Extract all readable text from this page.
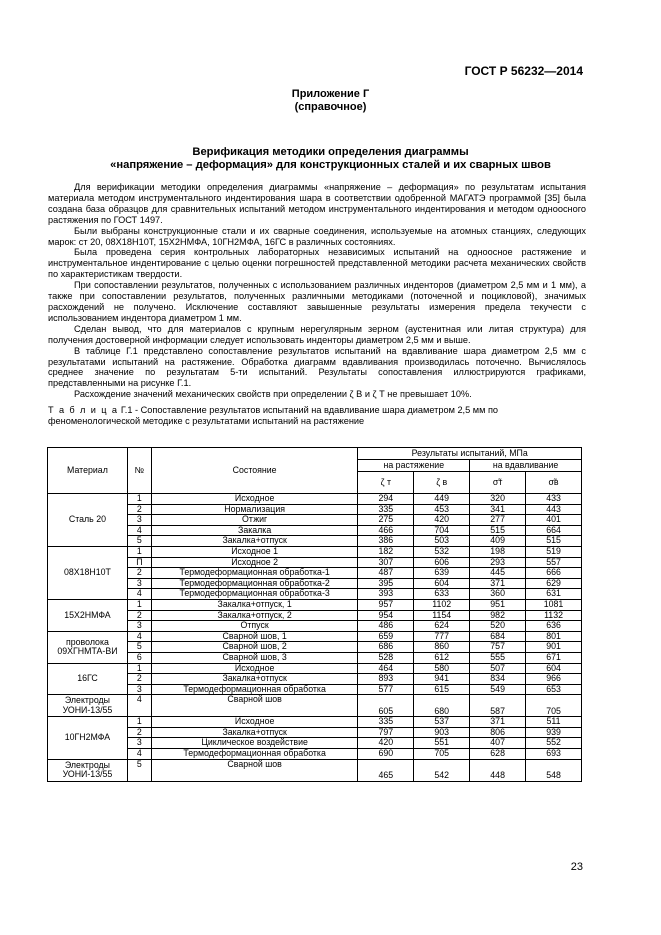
ГОСТ Р 56232—2014
Приложение Г
(справочное)
Верификация методики определения диаграммы
«напряжение – деформация» для конструкционных сталей и их сварных швов

Для верификации методики определения диаграммы «напряжение – деформация» по результатам испытания материала методом инструментального индентирования шара в соответствии одобренной МАГАТЭ программой [35] была создана база образцов для сравнительных испытаний методом инструментального индентирования и методом одноосного растяжения по ГОСТ 1497.

Были выбраны конструкционные стали и их сварные соединения, используемые на атомных станциях, следующих марок: ст 20, 08Х18Н10Т, 15Х2НМФА, 10ГН2МФА, 16ГС в различных состояниях.

Была проведена серия контрольных лабораторных независимых испытаний на одноосное растяжение и инструментальное индентирование с целью оценки погрешностей представленной методики расчета механических свойств по характеристикам твердости.

При сопоставлении результатов, полученных с использованием различных инденторов (диаметром 2,5 мм и 1 мм), а также при сопоставлении результатов, полученных различными методиками (поточечной и поцикловой), значимых расхождений не получено. Исключение составляют завышенные результаты измерения предела текучести с использованием индентора диаметром 1 мм.

Сделан вывод, что для материалов с крупным нерегулярным зерном (аустенитная или литая структура) для получения достоверной информации следует использовать инденторы диаметром 2,5 мм и выше.

В таблице Г.1 представлено сопоставление результатов испытаний на вдавливание шара диаметром 2,5 мм с результатами испытаний на растяжение. Обработка диаграмм вдавливания производилась поточечно. Вычислялось среднее значение по результатам 5-ти испытаний. Результаты сопоставления иллюстрируются графиками, представленными на рисунке Г.1.

Расхождение значений механических свойств при определении ζ В и ζ Т не превышает 10%.

Т а б л и ц а Г.1 - Сопоставление результатов испытаний на вдавливание шара диаметром 2,5 мм по феноменологической методике с результатами испытаний на растяжение
Материал	№	Состояние	Результаты испытаний, МПа			
			на растяжение		на вдавливание	
			ζ т	ζ в	σ̃т	σ̃в
Сталь 20	1	Исходное	294	449	320	433
	2	Нормализация	335	453	341	443
	3	Отжиг	275	420	277	401
	4	Закалка	466	704	515	664
	5	Закалка+отпуск	386	503	409	515
08Х18Н10Т	1	Исходное 1	182	532	198	519
	П	Исходное 2	307	606	293	557
	2	Термодеформационная обработка-1	487	639	445	666
	3	Термодеформационная обработка-2	395	604	371	629
	4	Термодеформационная обработка-3	393	633	360	631
15Х2НМФА	1	Закалка+отпуск, 1	957	1102	951	1081
	2	Закалка+отпуск, 2	954	1154	982	1132
	3	Отпуск	486	624	520	636
проволока 09ХГНМТА-ВИ	4	Сварной шов, 1	659	777	684	801
	5	Сварной шов, 2	686	860	757	901
	6	Сварной шов, 3	528	612	555	671
16ГС	1	Исходное	464	580	507	604
	2	Закалка+отпуск	893	941	834	966
	3	Термодеформационная обработка	577	615	549	653
Электроды УОНИ-13/55	4	Сварной шов	605	680	587	705
10ГН2МФА	1	Исходное	335	537	371	511
	2	Закалка+отпуск	797	903	806	939
	3	Циклическое воздействие	420	551	407	552
	4	Термодеформационная обработка	690	705	628	693
Электроды УОНИ-13/55	5	Сварной шов	465	542	448	548
23
